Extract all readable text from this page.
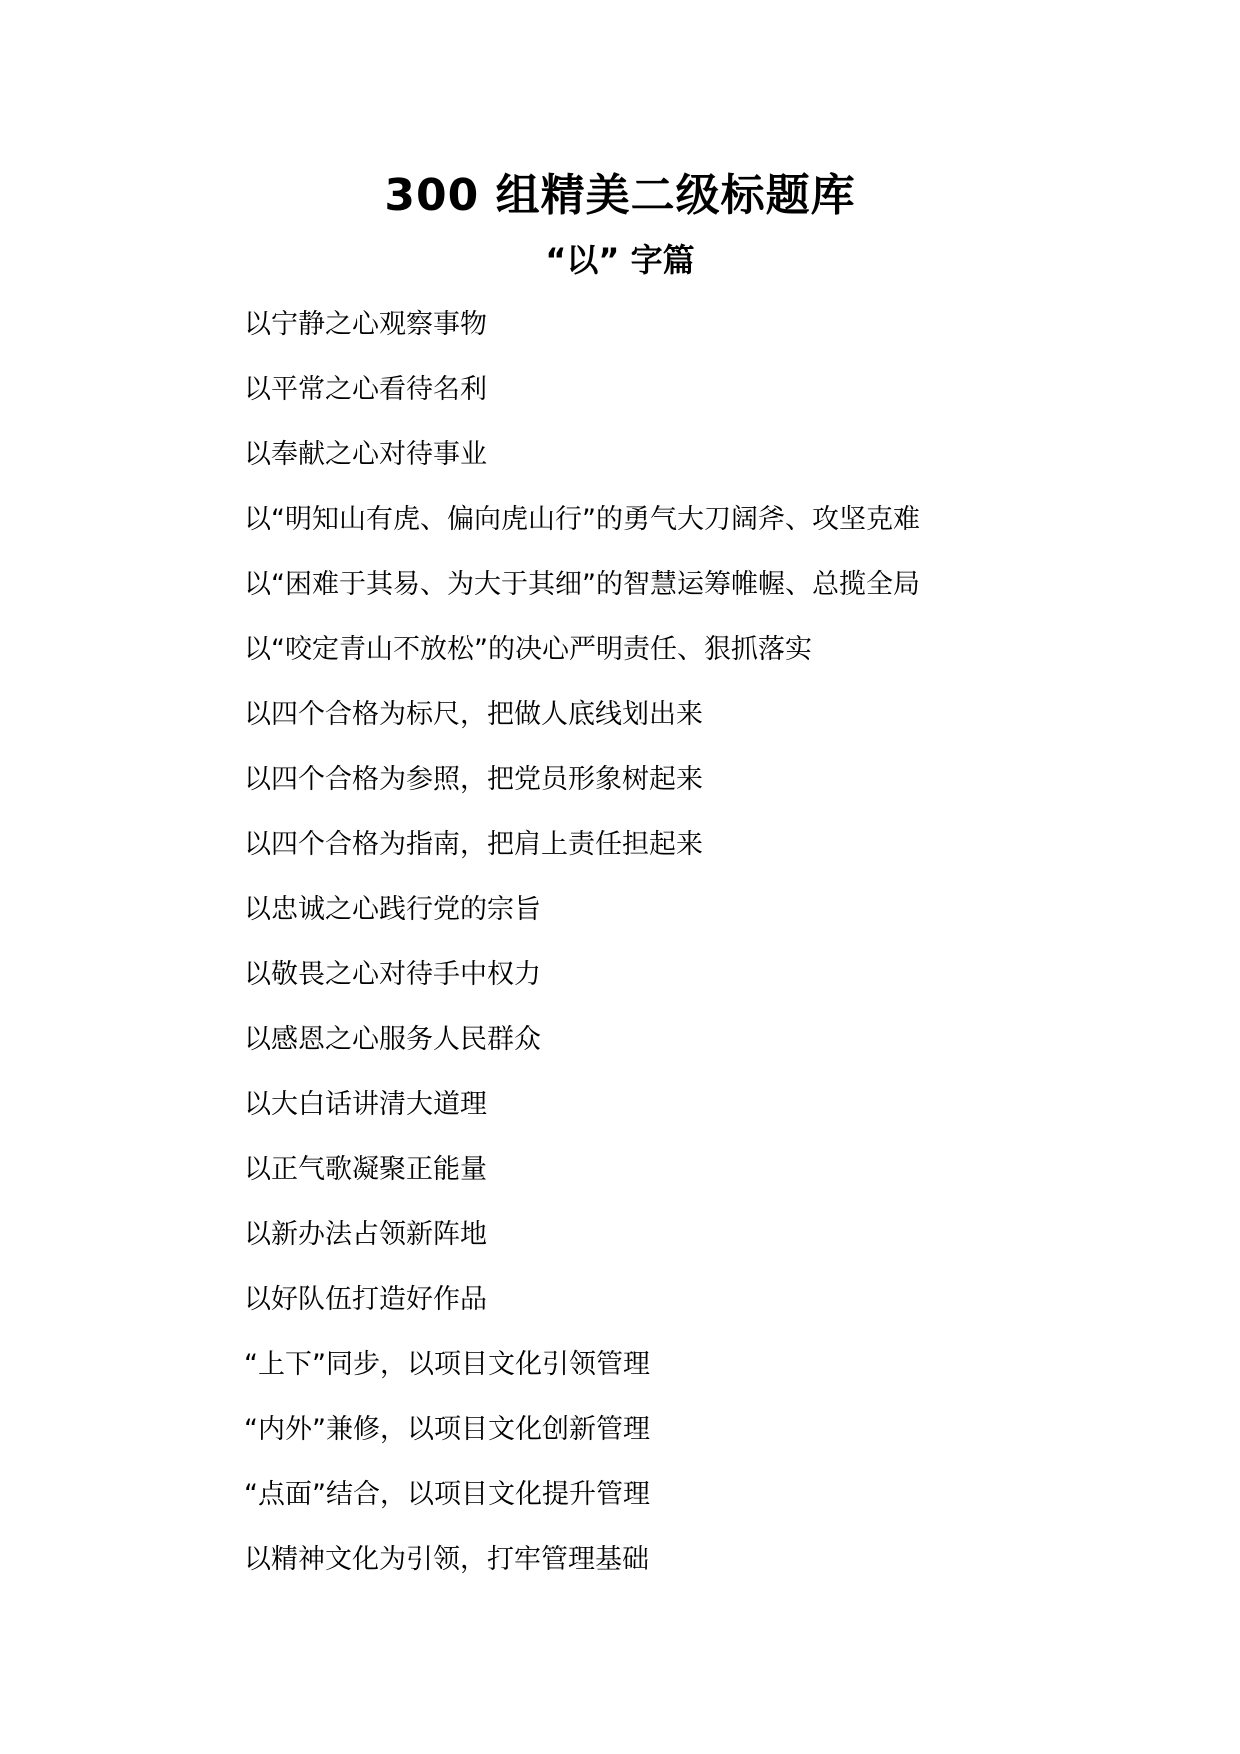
300 组精美二级标题库
“以” 字篇
以宁静之心观察事物
以平常之心看待名利
以奉献之心对待事业
以“明知山有虎、偏向虎山行”的勇气大刀阔斧、攻坚克难
以“困难于其易、为大于其细”的智慧运筹帷幄、总揽全局
以“咬定青山不放松”的决心严明责任、狠抓落实
以四个合格为标尺，把做人底线划出来
以四个合格为参照，把党员形象树起来
以四个合格为指南，把肩上责任担起来
以忠诚之心践行党的宗旨
以敬畏之心对待手中权力
以感恩之心服务人民群众
以大白话讲清大道理
以正气歌凝聚正能量
以新办法占领新阵地
以好队伍打造好作品
“上下”同步，以项目文化引领管理
“内外”兼修，以项目文化创新管理
“点面”结合，以项目文化提升管理
以精神文化为引领，打牢管理基础
